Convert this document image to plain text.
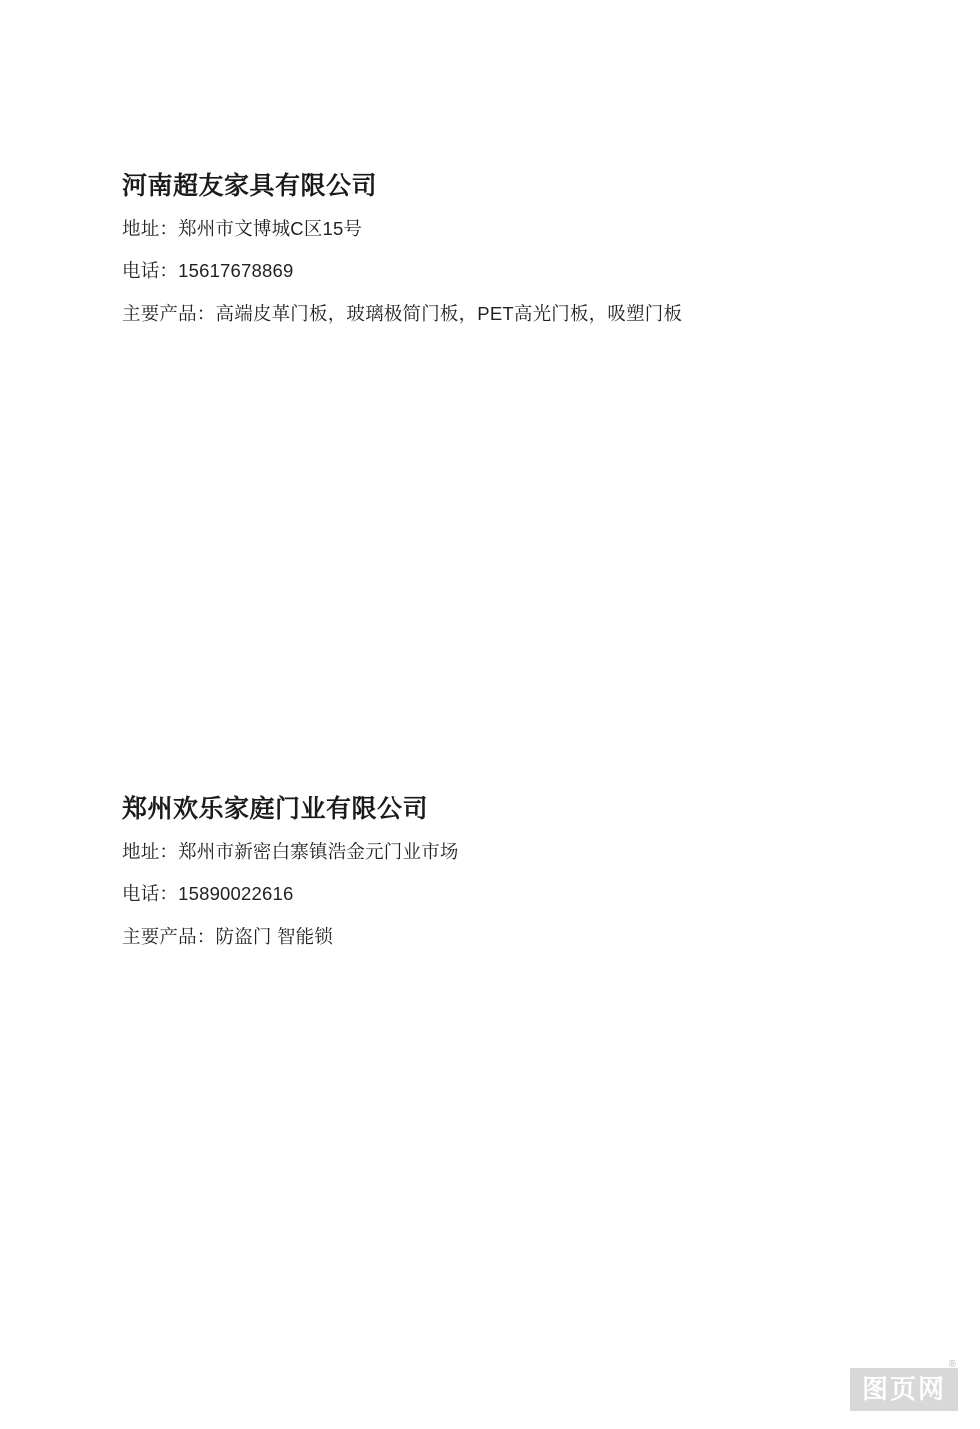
河南超友家具有限公司

地址：郑州市文博城C区15号

电话：15617678869

主要产品：高端皮革门板，玻璃极简门板，PET高光门板，吸塑门板

郑州欢乐家庭门业有限公司

地址：郑州市新密白寨镇浩金元门业市场

电话：15890022616

主要产品：防盗门 智能锁

图页网
®
